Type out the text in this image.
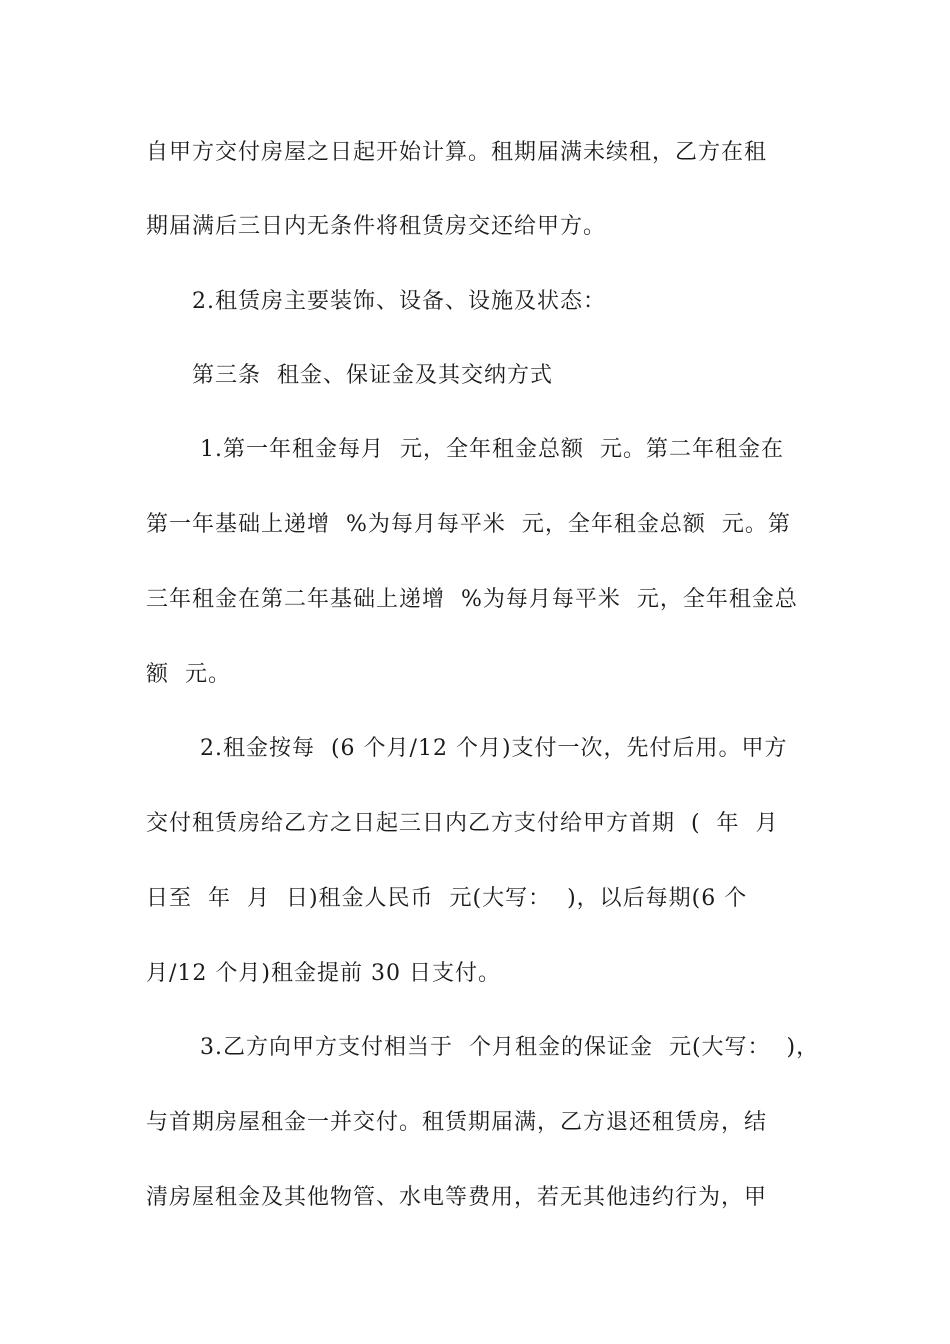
自甲方交付房屋之日起开始计算。租期届满未续租，乙方在租
期届满后三日内无条件将租赁房交还给甲方。
2.租赁房主要装饰、设备、设施及状态：
第三条  租金、保证金及其交纳方式
1.第一年租金每月  元，全年租金总额  元。第二年租金在
第一年基础上递增  %为每月每平米  元，全年租金总额  元。第
三年租金在第二年基础上递增  %为每月每平米  元，全年租金总
额  元。
2.租金按每  (6 个月/12 个月)支付一次，先付后用。甲方
交付租赁房给乙方之日起三日内乙方支付给甲方首期  (  年  月
日至  年  月  日)租金人民币  元(大写：  )，以后每期(6 个
月/12 个月)租金提前 30 日支付。
3.乙方向甲方支付相当于  个月租金的保证金  元(大写：  )，
与首期房屋租金一并交付。租赁期届满，乙方退还租赁房，结
清房屋租金及其他物管、水电等费用，若无其他违约行为，甲
